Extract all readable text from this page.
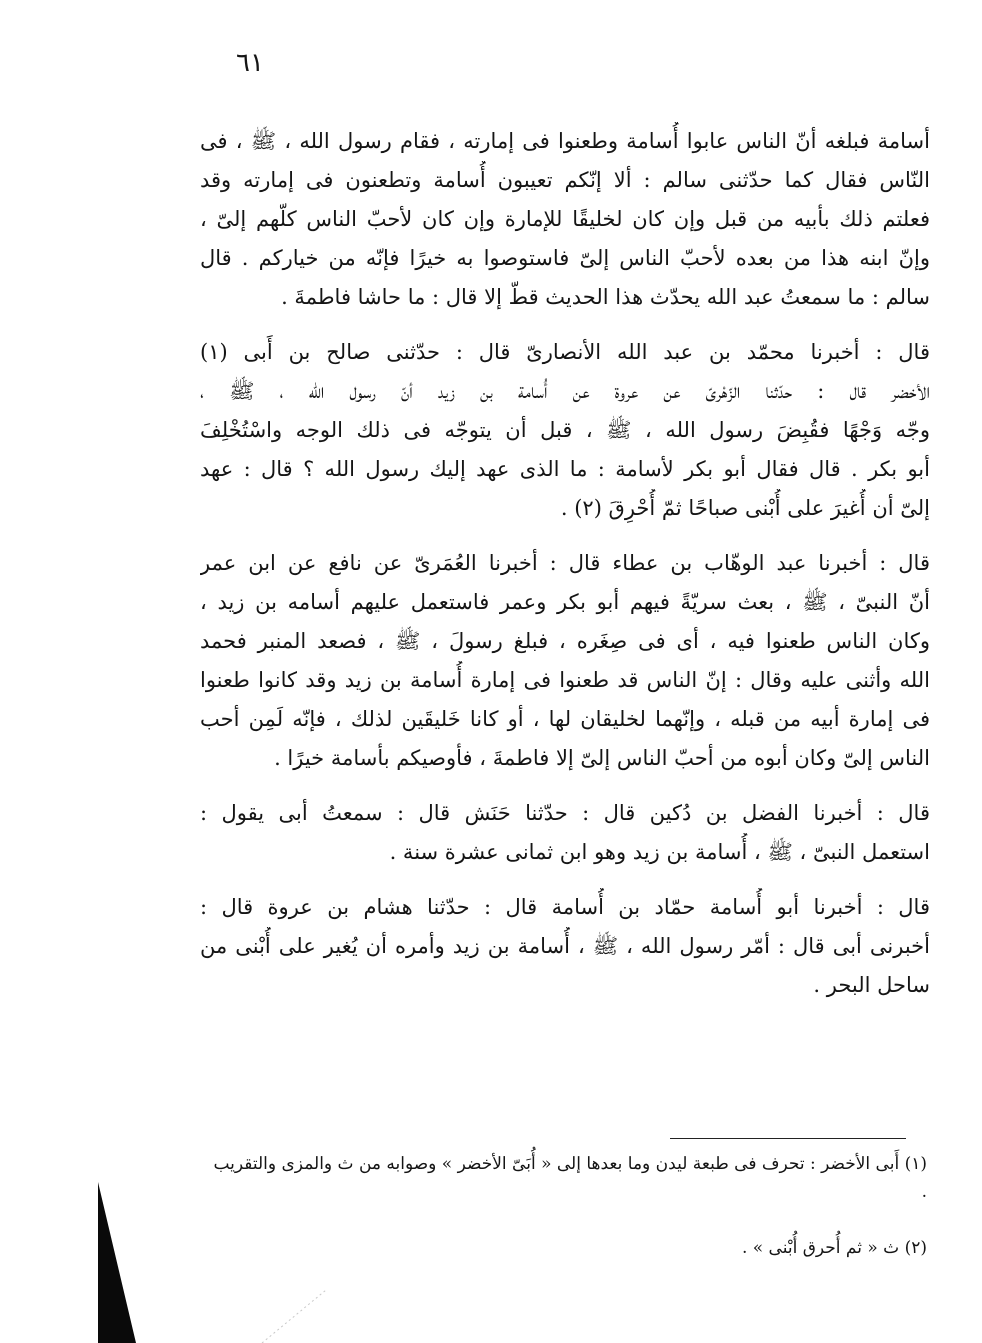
٦١

أسامة فبلغه أنّ الناس عابوا أُسامة وطعنوا فى إمارته ، فقام رسول الله ، ﷺ ، فى
النّاس فقال كما حدّثنى سالم : ألا إنّكم تعيبون أُسامة وتطعنون فى إمارته وقد
فعلتم ذلك بأبيه من قبل وإن كان لخليقًا للإمارة وإن كان لأحبّ الناس كلّهم إلىّ ،
وإنّ ابنه هذا من بعده لأحبّ الناس إلىّ فاستوصوا به خيرًا فإنّه من خياركم . قال
سالم : ما سمعتُ عبد الله يحدّث هذا الحديث قطّ إلا قال : ما حاشا فاطمةَ .

قال : أخبرنا محمّد بن عبد الله الأنصارىّ قال : حدّثنى صالح بن أَبى (١)
الأخضر قال : حدّثنا الزّهْرىّ عن عروة عن أُسامة بن زيد أنّ رسول الله ، ﷺ ،
وجّه وَجْهًا فقُبِضَ رسول الله ، ﷺ ، قبل أن يتوجّه فى ذلك الوجه واسْتُخْلِفَ
أبو بكر . قال فقال أبو بكر لأسامة : ما الذى عهد إليك رسول الله ؟ قال : عهد
إلىّ أن أُغيرَ على أُبْنى صباحًا ثمّ أُحْرِقَ (٢) .

قال : أخبرنا عبد الوهّاب بن عطاء قال : أخبرنا العُمَرىّ عن نافع عن ابن عمر
أنّ النبىّ ، ﷺ ، بعث سريّةً فيهم أبو بكر وعمر فاستعمل عليهم أسامه بن زيد ،
وكان الناس طعنوا فيه ، أى فى صِغَره ، فبلغ رسولَ ، ﷺ ، فصعد المنبر فحمد
الله وأثنى عليه وقال : إنّ الناس قد طعنوا فى إمارة أُسامة بن زيد وقد كانوا طعنوا
فى إمارة أبيه من قبله ، وإنّهما لخليقان لها ، أو كانا خَليقَين لذلك ، فإنّه لَمِن أحب
الناس إلىّ وكان أبوه من أحبّ الناس إلىّ إلا فاطمةَ ، فأوصيكم بأسامة خيرًا .

قال : أخبرنا الفضل بن دُكين قال : حدّثنا حَنَش قال : سمعتُ أبى يقول :
استعمل النبىّ ، ﷺ ، أُسامة بن زيد وهو ابن ثمانى عشرة سنة .

قال : أخبرنا أبو أُسامة حمّاد بن أُسامة قال : حدّثنا هشام بن عروة قال :
أخبرنى أبى قال : أمّر رسول الله ، ﷺ ، أُسامة بن زيد وأمره أن يُغير على أُبْنى من
ساحل البحر .

(١) أَبى الأخضر : تحرف فى طبعة ليدن وما بعدها إلى « أُبَىّ الأخضر » وصوابه من ث والمزى والتقريب .

(٢) ث « ثم أُحرق أُبْنى » .
